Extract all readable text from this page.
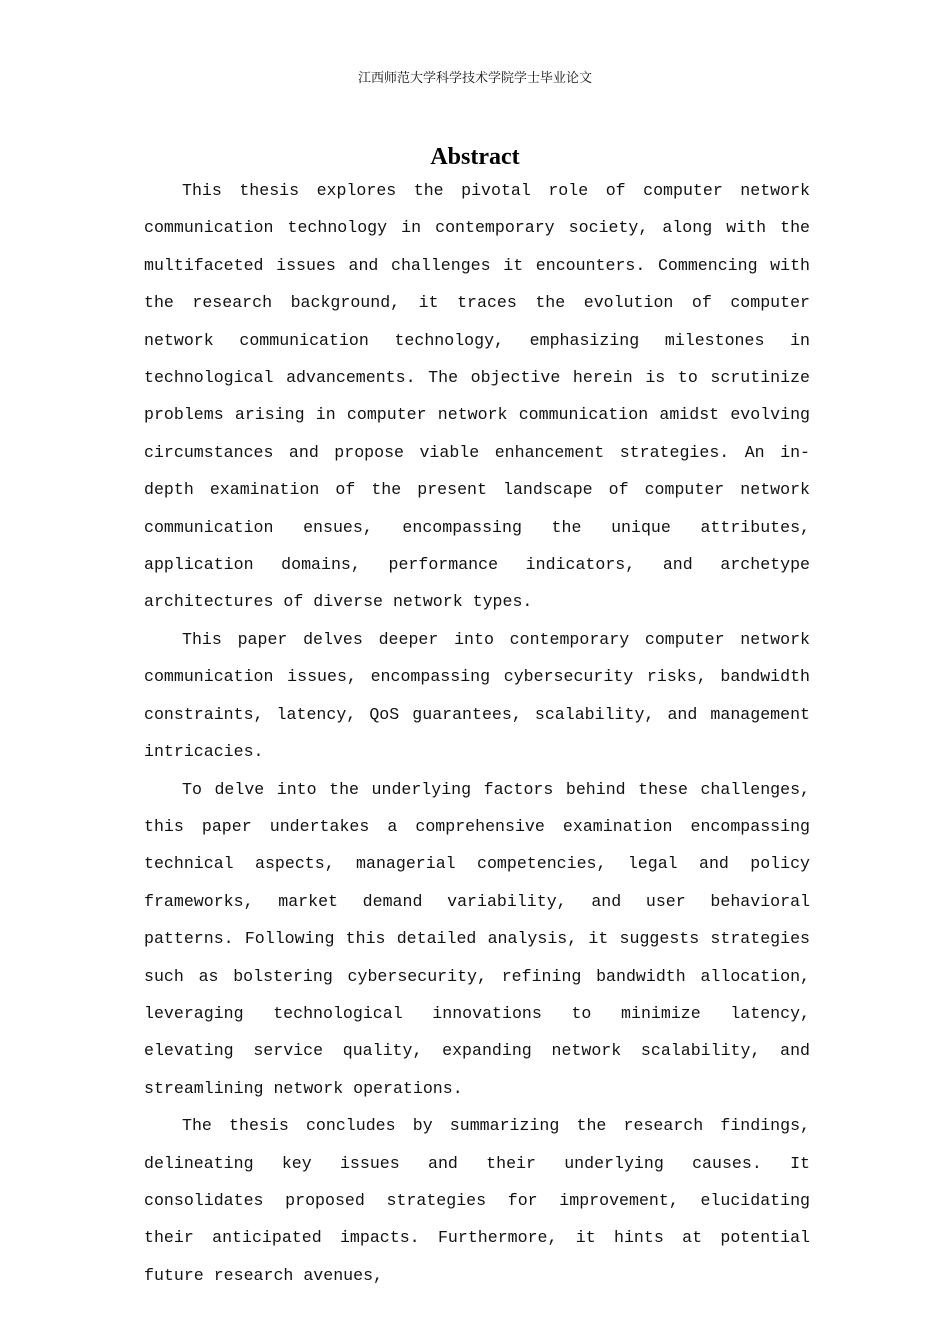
江西师范大学科学技术学院学士毕业论文
Abstract

This thesis explores the pivotal role of computer network communication technology in contemporary society, along with the multifaceted issues and challenges it encounters. Commencing with the research background, it traces the evolution of computer network communication technology, emphasizing milestones in technological advancements. The objective herein is to scrutinize problems arising in computer network communication amidst evolving circumstances and propose viable enhancement strategies. An in-depth examination of the present landscape of computer network communication ensues, encompassing the unique attributes, application domains, performance indicators, and archetype architectures of diverse network types.

This paper delves deeper into contemporary computer network communication issues, encompassing cybersecurity risks, bandwidth constraints, latency, QoS guarantees, scalability, and management intricacies.

To delve into the underlying factors behind these challenges, this paper undertakes a comprehensive examination encompassing technical aspects, managerial competencies, legal and policy frameworks, market demand variability, and user behavioral patterns. Following this detailed analysis, it suggests strategies such as bolstering cybersecurity, refining bandwidth allocation, leveraging technological innovations to minimize latency, elevating service quality, expanding network scalability, and streamlining network operations.

The thesis concludes by summarizing the research findings, delineating key issues and their underlying causes. It consolidates proposed strategies for improvement, elucidating their anticipated impacts. Furthermore, it hints at potential future research avenues,
